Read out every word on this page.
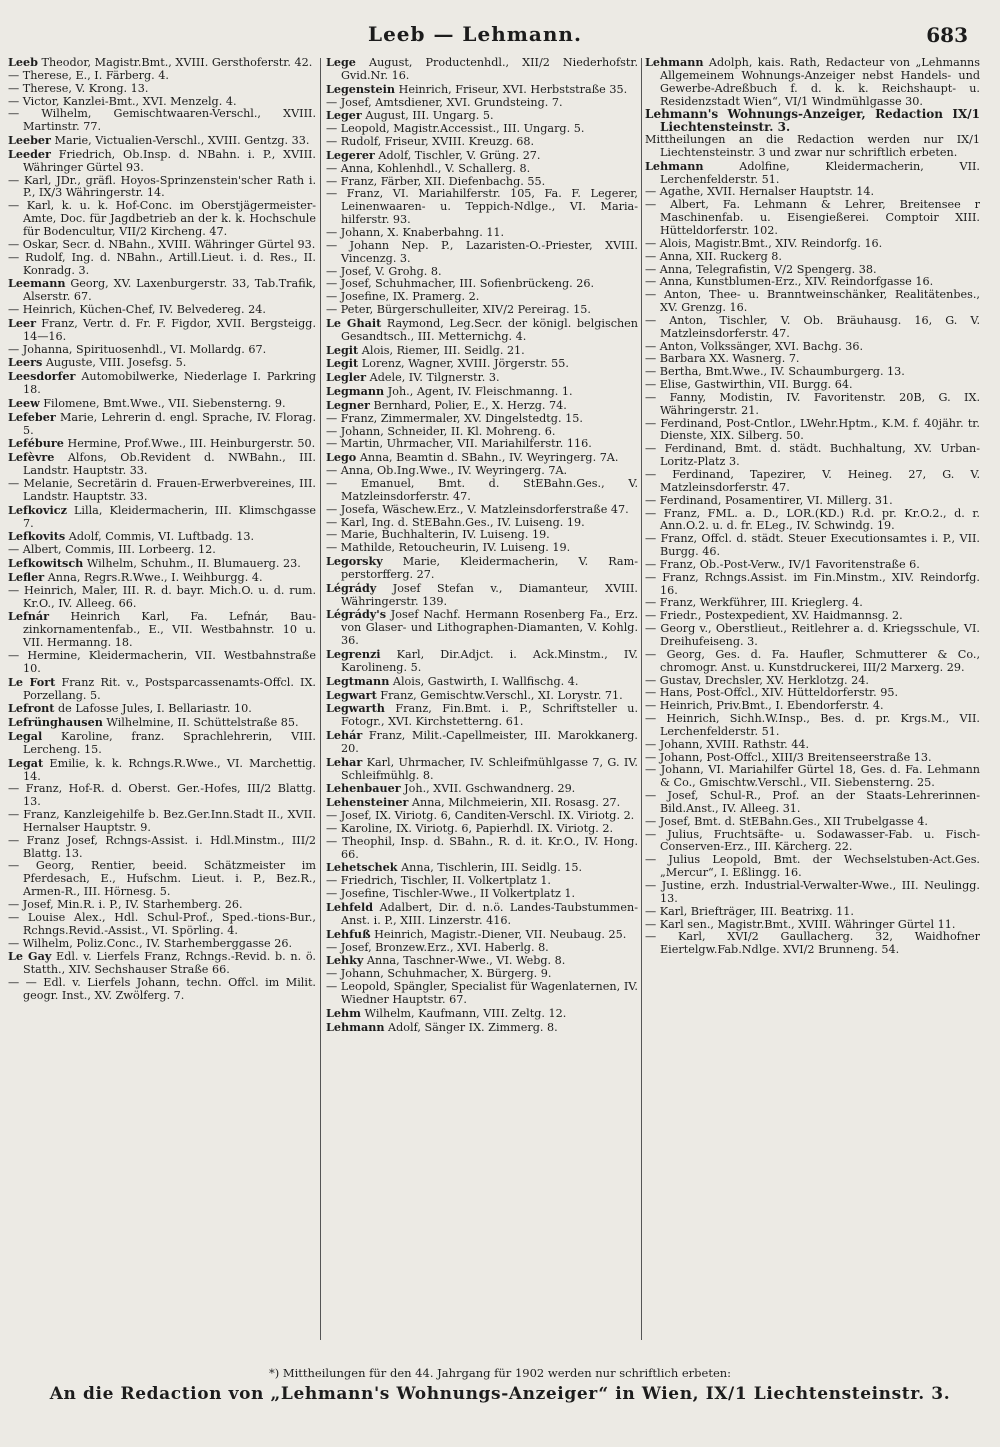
Leeb — Lehmann.	683

Leeb Theodor, Magistr.Bmt., XVIII. Gersthoferstr. 42.

— Therese, E., I. Färberg. 4.

— Therese, V. Krong. 13.

— Victor, Kanzlei-Bmt., XVI. Menzelg. 4.

— Wilhelm, Gemischtwaaren-Verschl., XVIII. Martinstr. 77.

Leeber Marie, Victualien-Verschl., XVIII. Gentzg. 33.

Leeder Friedrich, Ob.Insp. d. NBahn. i. P., XVIII. Währinger Gürtel 93.

— Karl, JDr., gräfl. Hoyos-Sprinzenstein'scher Rath i. P., IX/3 Währingerstr. 14.

— Karl, k. u. k. Hof-Conc. im Oberstjägermeister-Amte, Doc. für Jagdbetrieb an der k. k. Hochschule für Bodencultur, VII/2 Kircheng. 47.

— Oskar, Secr. d. NBahn., XVIII. Währinger Gürtel 93.

— Rudolf, Ing. d. NBahn., Artill.Lieut. i. d. Res., II. Konradg. 3.

Leemann Georg, XV. Laxenburgerstr. 33, Tab.Trafik, Alserstr. 67.

— Heinrich, Küchen-Chef, IV. Belvedereg. 24.

Leer Franz, Vertr. d. Fr. F. Figdor, XVII. Bergsteigg. 14—16.

— Johanna, Spirituosenhdl., VI. Mollardg. 67.

Leers Auguste, VIII. Josefsg. 5.

Leesdorfer Automobilwerke, Niederlage I. Parkring 18.

Leew Filomene, Bmt.Wwe., VII. Siebensterng. 9.

Lefeber Marie, Lehrerin d. engl. Sprache, IV. Florag. 5.

Lefébure Hermine, Prof.Wwe., III. Heinburgerstr. 50.

Lefèvre Alfons, Ob.Revident d. NWBahn., III. Landstr. Hauptstr. 33.

— Melanie, Secretärin d. Frauen-Erwerbvereines, III. Landstr. Hauptstr. 33.

Lefkovicz Lilla, Kleidermacherin, III. Klimschgasse 7.

Lefkovits Adolf, Commis, VI. Luftbadg. 13.

— Albert, Commis, III. Lorbeerg. 12.

Lefkowitsch Wilhelm, Schuhm., II. Blumauerg. 23.

Lefler Anna, Regrs.R.Wwe., I. Weihburgg. 4.

— Heinrich, Maler, III. R. d. bayr. Mich.O. u. d. rum. Kr.O., IV. Alleeg. 66.

Lefnár Heinrich Karl, Fa. Lefnár, Bauzinkornamentenfab., E., VII. Westbahnstr. 10 u. VII. Hermanng. 18.

— Hermine, Kleidermacherin, VII. Westbahnstraße 10.

Le Fort Franz Rit. v., Postsparcassenamts-Offcl. IX. Porzellang. 5.

Lefront de Lafosse Jules, I. Bellariastr. 10.

Lefrünghausen Wilhelmine, II. Schüttelstraße 85.

Legal Karoline, franz. Sprachlehrerin, VIII. Lercheng. 15.

Legat Emilie, k. k. Rchngs.R.Wwe., VI. Marchettig. 14.

— Franz, Hof-R. d. Oberst. Ger.-Hofes, III/2 Blattg. 13.

— Franz, Kanzleigehilfe b. Bez.Ger.Inn.Stadt II., XVII. Hernalser Hauptstr. 9.

— Franz Josef, Rchngs-Assist. i. Hdl.Minstm., III/2 Blattg. 13.

— Georg, Rentier, beeid. Schätzmeister im Pferdesach, E., Hufschm. Lieut. i. P., Bez.R., Armen-R., III. Hörnesg. 5.

— Josef, Min.R. i. P., IV. Starhemberg. 26.

— Louise Alex., Hdl. Schul-Prof., Sped.-tions-Bur., Rchngs.Revid.-Assist., VI. Spörling. 4.

— Wilhelm, Poliz.Conc., IV. Starhemberggasse 26.

Le Gay Edl. v. Lierfels Franz, Rchngs.-Revid. b. n. ö. Statth., XIV. Sechshauser Straße 66.

— — Edl. v. Lierfels Johann, techn. Offcl. im Milit. geogr. Inst., XV. Zwölferg. 7.

Lege August, Productenhdl., XII/2 Niederhofstr. Gvid.Nr. 16.

Legenstein Heinrich, Friseur, XVI. Herbststraße 35.

— Josef, Amtsdiener, XVI. Grundsteing. 7.

Leger August, III. Ungarg. 5.

— Leopold, Magistr.Accessist., III. Ungarg. 5.

— Rudolf, Friseur, XVIII. Kreuzg. 68.

Legerer Adolf, Tischler, V. Grüng. 27.

— Anna, Kohlenhdl., V. Schallerg. 8.

— Franz, Färber, XII. Diefenbachg. 55.

— Franz, VI. Mariahilferstr. 105, Fa. F. Legerer, Leinenwaaren- u. Teppich-Ndlge., VI. Mariahilferstr. 93.

— Johann, X. Knaberbahng. 11.

— Johann Nep. P., Lazaristen-O.-Priester, XVIII. Vincenzg. 3.

— Josef, V. Grohg. 8.

— Josef, Schuhmacher, III. Sofienbrückeng. 26.

— Josefine, IX. Pramerg. 2.

— Peter, Bürgerschulleiter, XIV/2 Pereirag. 15.

Le Ghait Raymond, Leg.Secr. der königl. belgischen Gesandtsch., III. Metternichg. 4.

Legit Alois, Riemer, III. Seidlg. 21.

Legit Lorenz, Wagner, XVIII. Jörgerstr. 55.

Legler Adele, IV. Tilgnerstr. 3.

Legmann Joh., Agent, IV. Fleischmanng. 1.

Legner Bernhard, Polier, E., X. Herzg. 74.

— Franz, Zimmermaler, XV. Dingelstedtg. 15.

— Johann, Schneider, II. Kl. Mohreng. 6.

— Martin, Uhrmacher, VII. Mariahilferstr. 116.

Lego Anna, Beamtin d. SBahn., IV. Weyringerg. 7A.

— Anna, Ob.Ing.Wwe., IV. Weyringerg. 7A.

— Emanuel, Bmt. d. StEBahn.Ges., V. Matzleinsdorferstr. 47.

— Josefa, Wäschew.Erz., V. Matzleinsdorferstraße 47.

— Karl, Ing. d. StEBahn.Ges., IV. Luiseng. 19.

— Marie, Buchhalterin, IV. Luiseng. 19.

— Mathilde, Retoucheurin, IV. Luiseng. 19.

Legorsky Marie, Kleidermacherin, V. Ramperstorfferg. 27.

Légrády Josef Stefan v., Diamanteur, XVIII. Währingerstr. 139.

Légrády's Josef Nachf. Hermann Rosenberg Fa., Erz. von Glaser- und Lithographen-Diamanten, V. Kohlg. 36.

Legrenzi Karl, Dir.Adjct. i. Ack.Minstm., IV. Karolineng. 5.

Legtmann Alois, Gastwirth, I. Wallfischg. 4.

Legwart Franz, Gemischtw.Verschl., XI. Lorystr. 71.

Legwarth Franz, Fin.Bmt. i. P., Schriftsteller u. Fotogr., XVI. Kirchstetterng. 61.

Lehár Franz, Milit.-Capellmeister, III. Marokkanerg. 20.

Lehar Karl, Uhrmacher, IV. Schleifmühlgasse 7, G. IV. Schleifmühlg. 8.

Lehenbauer Joh., XVII. Gschwandnerg. 29.

Lehensteiner Anna, Milchmeierin, XII. Rosasg. 27.

— Josef, IX. Viriotg. 6, Canditen-Verschl. IX. Viriotg. 2.

— Karoline, IX. Viriotg. 6, Papierhdl. IX. Viriotg. 2.

— Theophil, Insp. d. SBahn., R. d. it. Kr.O., IV. Hong. 66.

Lehetschek Anna, Tischlerin, III. Seidlg. 15.

— Friedrich, Tischler, II. Volkertplatz 1.

— Josefine, Tischler-Wwe., II Volkertplatz 1.

Lehfeld Adalbert, Dir. d. n.ö. Landes-Taubstummen-Anst. i. P., XIII. Linzerstr. 416.

Lehfuß Heinrich, Magistr.-Diener, VII. Neubaug. 25.

— Josef, Bronzew.Erz., XVI. Haberlg. 8.

Lehky Anna, Taschner-Wwe., VI. Webg. 8.

— Johann, Schuhmacher, X. Bürgerg. 9.

— Leopold, Spängler, Specialist für Wagenlaternen, IV. Wiedner Hauptstr. 67.

Lehm Wilhelm, Kaufmann, VIII. Zeltg. 12.

Lehmann Adolf, Sänger IX. Zimmerg. 8.

Lehmann Adolph, kais. Rath, Redacteur von „Lehmanns Allgemeinem Wohnungs-Anzeiger nebst Handels- und Gewerbe-Adreßbuch f. d. k. k. Reichshaupt- u. Residenzstadt Wien“, VI/1 Windmühlgasse 30.

Lehmann's Wohnungs-Anzeiger, Redaction IX/1 Liechtensteinstr. 3.

Mittheilungen an die Redaction werden nur IX/1 Liechtensteinstr. 3 und zwar nur schriftlich erbeten.

Lehmann Adolfine, Kleidermacherin, VII. Lerchenfelderstr. 51.

— Agathe, XVII. Hernalser Hauptstr. 14.

— Albert, Fa. Lehmann & Lehrer, Breitensee r Maschinenfab. u. Eisengießerei. Comptoir XIII. Hütteldorferstr. 102.

— Alois, Magistr.Bmt., XIV. Reindorfg. 16.

— Anna, XII. Ruckerg 8.

— Anna, Telegrafistin, V/2 Spengerg. 38.

— Anna, Kunstblumen-Erz., XIV. Reindorfgasse 16.

— Anton, Thee- u. Branntweinschänker, Realitätenbes., XV. Grenzg. 16.

— Anton, Tischler, V. Ob. Bräuhausg. 16, G. V. Matzleinsdorferstr. 47.

— Anton, Volkssänger, XVI. Bachg. 36.

— Barbara XX. Wasnerg. 7.

— Bertha, Bmt.Wwe., IV. Schaumburgerg. 13.

— Elise, Gastwirthin, VII. Burgg. 64.

— Fanny, Modistin, IV. Favoritenstr. 20B, G. IX. Währingerstr. 21.

— Ferdinand, Post-Cntlor., LWehr.Hptm., K.M. f. 40jähr. tr. Dienste, XIX. Silberg. 50.

— Ferdinand, Bmt. d. städt. Buchhaltung, XV. Urban-Loritz-Platz 3.

— Ferdinand, Tapezirer, V. Heineg. 27, G. V. Matzleinsdorferstr. 47.

— Ferdinand, Posamentirer, VI. Millerg. 31.

— Franz, FML. a. D., LOR.(KD.) R.d. pr. Kr.O.2., d. r. Ann.O.2. u. d. fr. ELeg., IV. Schwindg. 19.

— Franz, Offcl. d. städt. Steuer Executionsamtes i. P., VII. Burgg. 46.

— Franz, Ob.-Post-Verw., IV/1 Favoritenstraße 6.

— Franz, Rchngs.Assist. im Fin.Minstm., XIV. Reindorfg. 16.

— Franz, Werkführer, III. Krieglerg. 4.

— Friedr., Postexpedient, XV. Haidmannsg. 2.

— Georg v., Oberstlieut., Reitlehrer a. d. Kriegsschule, VI. Dreihufeiseng. 3.

— Georg, Ges. d. Fa. Haufler, Schmutterer & Co., chromogr. Anst. u. Kunstdruckerei, III/2 Marxerg. 29.

— Gustav, Drechsler, XV. Herklotzg. 24.

— Hans, Post-Offcl., XIV. Hütteldorferstr. 95.

— Heinrich, Priv.Bmt., I. Ebendorferstr. 4.

— Heinrich, Sichh.W.Insp., Bes. d. pr. Krgs.M., VII. Lerchenfelderstr. 51.

— Johann, XVIII. Rathstr. 44.

— Johann, Post-Offcl., XIII/3 Breitenseerstraße 13.

— Johann, VI. Mariahilfer Gürtel 18, Ges. d. Fa. Lehmann & Co., Gmischtw.Verschl., VII. Siebensterng. 25.

— Josef, Schul-R., Prof. an der Staats-Lehrerinnen-Bild.Anst., IV. Alleeg. 31.

— Josef, Bmt. d. StEBahn.Ges., XII Trubelgasse 4.

— Julius, Fruchtsäfte- u. Sodawasser-Fab. u. Fisch-Conserven-Erz., III. Kärcherg. 22.

— Julius Leopold, Bmt. der Wechselstuben-Act.Ges. „Mercur“, I. Eßlingg. 16.

— Justine, erzh. Industrial-Verwalter-Wwe., III. Neulingg. 13.

— Karl, Briefträger, III. Beatrixg. 11.

— Karl sen., Magistr.Bmt., XVIII. Währinger Gürtel 11.

— Karl, XVI/2 Gaullacherg. 32, Waidhofner Eiertelgw.Fab.Ndlge. XVI/2 Brunneng. 54.

*) Mittheilungen für den 44. Jahrgang für 1902 werden nur schriftlich erbeten:
An die Redaction von „Lehmann's Wohnungs-Anzeiger“ in Wien, IX/1 Liechtensteinstr. 3.
